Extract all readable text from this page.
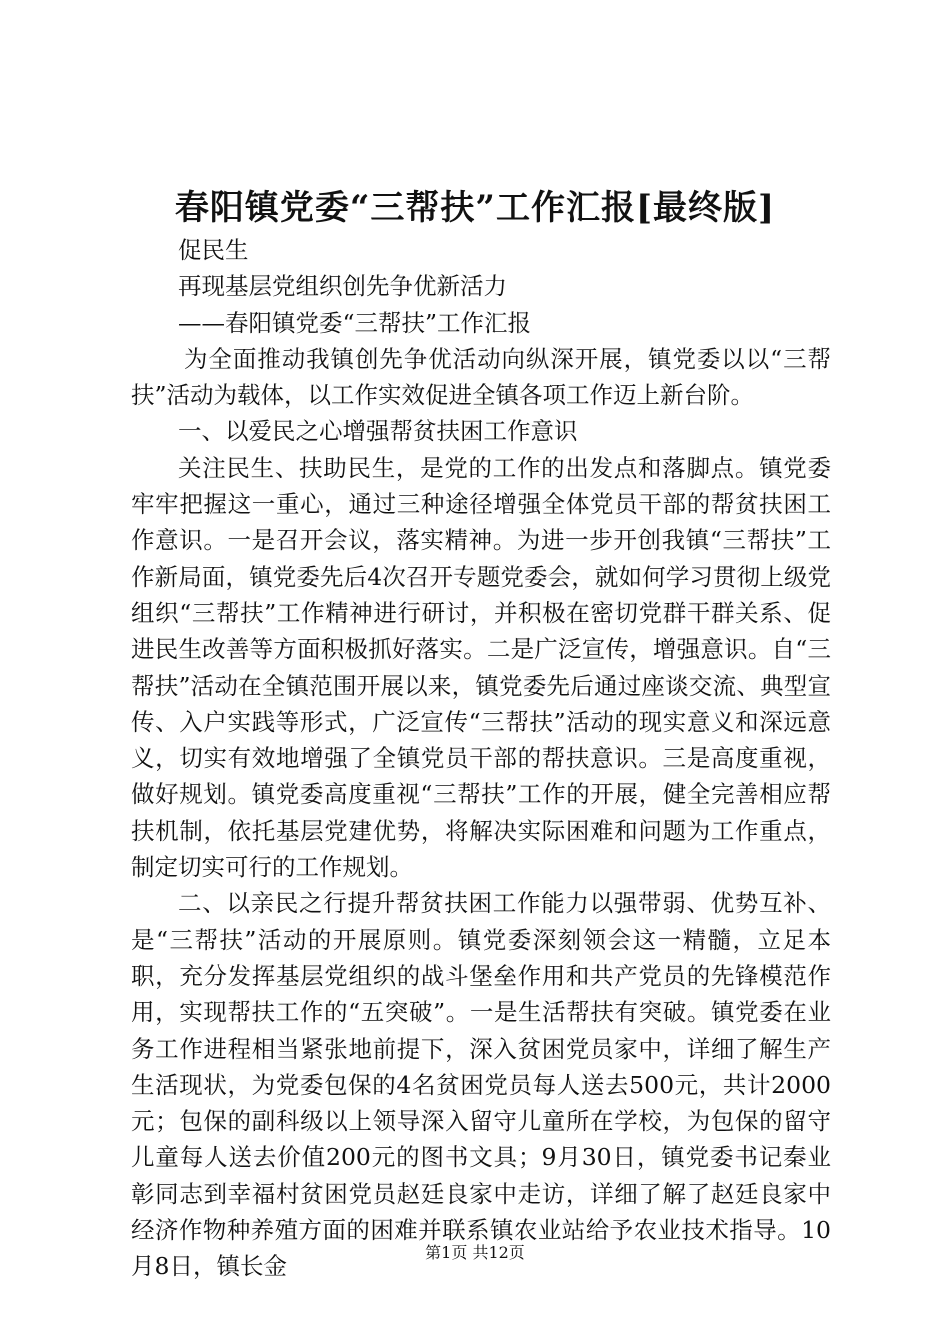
春阳镇党委“三帮扶”工作汇报[最终版]

促民生

再现基层党组织创先争优新活力

——春阳镇党委“三帮扶”工作汇报

为全面推动我镇创先争优活动向纵深开展，镇党委以以“三帮扶”活动为载体，以工作实效促进全镇各项工作迈上新台阶。

一、以爱民之心增强帮贫扶困工作意识

关注民生、扶助民生，是党的工作的出发点和落脚点。镇党委牢牢把握这一重心，通过三种途径增强全体党员干部的帮贫扶困工作意识。一是召开会议，落实精神。为进一步开创我镇“三帮扶”工作新局面，镇党委先后4次召开专题党委会，就如何学习贯彻上级党组织“三帮扶”工作精神进行研讨，并积极在密切党群干群关系、促进民生改善等方面积极抓好落实。二是广泛宣传，增强意识。自“三帮扶”活动在全镇范围开展以来，镇党委先后通过座谈交流、典型宣传、入户实践等形式，广泛宣传“三帮扶”活动的现实意义和深远意义，切实有效地增强了全镇党员干部的帮扶意识。三是高度重视，做好规划。镇党委高度重视“三帮扶”工作的开展，健全完善相应帮扶机制，依托基层党建优势，将解决实际困难和问题为工作重点，制定切实可行的工作规划。

二、以亲民之行提升帮贫扶困工作能力以强带弱、优势互补、是“三帮扶”活动的开展原则。镇党委深刻领会这一精髓，立足本职，充分发挥基层党组织的战斗堡垒作用和共产党员的先锋模范作用，实现帮扶工作的“五突破”。一是生活帮扶有突破。镇党委在业务工作进程相当紧张地前提下，深入贫困党员家中，详细了解生产生活现状，为党委包保的4名贫困党员每人送去500元，共计2000元；包保的副科级以上领导深入留守儿童所在学校，为包保的留守儿童每人送去价值200元的图书文具；9月30日，镇党委书记秦业彰同志到幸福村贫困党员赵廷良家中走访，详细了解了赵廷良家中经济作物种养殖方面的困难并联系镇农业站给予农业技术指导。10月8日，镇长金	第1页 共12页
